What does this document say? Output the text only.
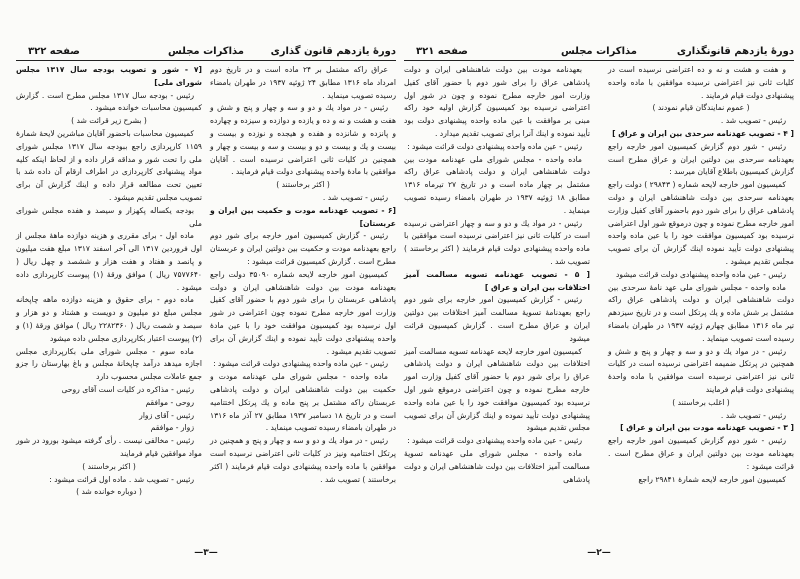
دورهٔ یازدهم قانون گذاری
مذاکرات مجلس
صفحه ۳۲۲

عراق راکه مشتمل بر ۲۴ ماده است و در تاریخ دوم امرداد ماه ۱۳۱۶ مطابق ۲۴ ژوئیه ۱۹۳۷ در طهران بامضاء رسیده تصویب مینماید .

رئیس - در مواد یك و دو و سه و چهار و پنج و شش و هفت و هشت و نه و ده و یازده و دوازده و سیزده و چهارده و پانزده و شانزده و هفده و هیجده و نوزده و بیست و بیست و یك و بیست و دو و بیست و سه و بیست و چهار و همچنین در کلیات ثانی اعتراضی نرسیده است . آقایان موافقین با مادهٔ واحده پیشنهادی دولت قیام فرمایند .

( اکثر برخاستند )

رئیس - تصویب شد .

[۶ - تصویب عهدنامه مودت و حکمیت بین ایران و عربستان]

رئیس - گزارش کمیسیون امور خارجه برای شور دوم راجع بعهدنامه مودت و حکمیت بین دولتین ایران و عربستان مطرح است . گزارش کمیسیون قرائت میشود :

کمیسیون امور خارجه لایحه شماره ۳۵۰۹۰ دولت راجع بعهدنامه مودت بین دولت شاهنشاهی ایران و دولت پادشاهی عربستان را برای شور دوم با حضور آقای کفیل وزارت امور خارجه مطرح نموده چون اعتراضی در شور اول نرسیده بود کمیسیون موافقت خود را با عین مادهٔ واحده پیشنهادی دولت تأیید نموده و اینك گزارش آن برای تصویب تقدیم میشود .

رئیس - عین ماده واحده پیشنهادی دولت قرائت میشود :

ماده واحده - مجلس شورای ملی عهدنامه مودت و حکمیت بین دولت شاهنشاهی ایران و دولت پادشاهی عربستان راکه مشتمل بر پنج ماده و یك پرتکل اختتامیه است و در تاریخ ۱۸ دسامبر ۱۹۳۷ مطابق ۲۷ آذر ماه ۱۳۱۶ در طهران بامضاء رسیده تصویب مینماید .

رئیس - در مواد یك و دو و سه و چهار و پنج و همچنین در پرتکل اختتامیه ونیز در کلیات ثانی اعتراضی نرسیده است موافقین با ماده واحده پیشنهادی دولت قیام فرمایند ( اکثر برخاستند ) تصویب شد .

[۷ - شور و تصویب بودجه سال ۱۳۱۷ مجلس شورای ملی]

رئیس - بودجه سال ۱۳۱۷ مجلس مطرح است . گزارش کمیسیون محاسبات خوانده میشود .

( بشرح زیر قرائت شد )

کمیسیون محاسبات باحضور آقایان مباشرین لایحهٔ شمارهٔ ۱۱۵۹ کارپردازی راجع ببودجه سال ۱۳۱۷ مجلس شورای ملی را تحت شور و مداقه قرار داده و از لحاظ اینکه کلیه مواد پیشنهادی کارپردازی در اطراف ارقام آن داده شد با تعیین تحت مطالعه قرار داده و اینك گزارش آن برای تصویب مجلس تقدیم میشود .

بودجه یکساله پکهزار و سیصد و هفده مجلس شورای ملی

ماده اول - برای مقرری و هزینه دوازده ماههٔ مجلس از اول فروردین ۱۳۱۷ الی آخر اسفند ۱۳۱۷ مبلغ هفت میلیون و پانصد و هفتاد و هفت هزار و ششصد و چهل ریال ( ۷۵۷۷۶۴۰ ریال ) موافق ورقهٔ (۱) پیوست کارپردازی داده میشود .

ماده دوم - برای حقوق و هزینه دوازده ماهه چاپخانه مجلس مبلغ دو میلیون و دویست و هشتاد و دو هزار و سیصد و شصت ریال ( ۲۲۸۲۳۶۰ ریال ) موافق ورقهٔ (۱) و (۲) پیوست اعتبار بکارپردازی مجلس داده میشود

ماده سوم - مجلس شورای ملی بکارپردازی مجلس اجازه میدهد درآمد چاپخانهٔ مجلس و باغ بهارستان را جزو جمع عاملات مجلس محسوب دارد

رئیس - مذاکره در کلیات است آقای روحی

روحی - موافقم

رئیس - آقای زوار

زوار - موافقم

رئیس - مخالفی نیست . رأی گرفته میشود بورود در شور مواد موافقین قیام فرمایند

( اکثر برخاستند )

رئیس - تصویب شد . ماده اول قرائت میشود :

( دوباره خوانده شد )

—۳—
دورهٔ یازدهم قانونگذاری
مذاکرات مجلس
صفحه ۳۲۱

و هفت و هشت و نه و ده اعتراضی نرسیده است در کلیات ثانی نیز اعتراضی نرسیده موافقین با ماده واحده پیشنهادی دولت قیام فرمایند .

( عموم نمایندگان قیام نمودند )

رئیس - تصویب شد .

[ ۴ - تصویب عهدنامه سرحدی بین ایران و عراق ]

رئیس - شور دوم گزارش کمیسیون امور خارجه راجع بعهدنامه سرحدی بین دولتین ایران و عراق مطرح است گزارش کمیسیون باطلاع آقایان میرسد :

کمیسیون امور خارجه لایحه شماره ( ۲۹۸۴۳ ) دولت راجع بعهدنامه سرحدی بین دولت شاهنشاهی ایران و دولت پادشاهی عراق را برای شور دوم باحضور آقای کفیل وزارت امور خارجه مطرح نموده و چون درموقع شور اول اعتراضی نرسیده بود کمیسیون موافقت خود را با عین ماده واحده پیشنهادی دولت تأیید نموده اینك گزارش آن برای تصویب مجلس تقدیم میشود .

رئیس - عین ماده واحده پیشنهادی دولت قرائت میشود

ماده واحده - مجلس شورای ملی عهد نامهٔ سرحدی بین دولت شاهنشاهی ایران و دولت پادشاهی عراق راکه مشتمل بر شش ماده و یك پرتکل است و در تاریخ سیزدهم تیر ماه ۱۳۱۶ مطابق چهارم ژوئیه ۱۹۳۷ در طهران بامضاء رسیده است تصویب مینماید .

رئیس - در مواد یك و دو و سه و چهار و پنج و شش و همچنین در پرتکل ضمیمه اعتراضی نرسیده است در کلیات ثانی نیز اعتراضی نرسیده است موافقین با ماده واحدهٔ پیشنهادی دولت قیام فرمایند

( اغلب برخاستند )

رئیس - تصویب شد .

[ ۳ - تصویب عهدنامه مودت بین ایران و عراق ]

رئیس - شور دوم گزارش کمیسیون امور خارجه راجع بعهدنامه مودت بین دولتین ایران و عراق مطرح است . قرائت میشود :

کمیسیون امور خارجه لایحه شمارهٔ ۲۹۸۴۱ راجع

بعهدنامه مودت بین دولت شاهنشاهی ایران و دولت پادشاهی عراق را برای شور دوم با حضور آقای کفیل وزارت امور خارجه مطرح نموده و چون در شور اول اعتراضی نرسیده بود کمیسیون گزارش اولیه خود راکه مبنی بر موافقت با عین ماده واحده پیشنهادی دولت بود تأیید نموده و اینك آنرا برای تصویب تقدیم میدارد .

رئیس - عین ماده واحده پیشنهادی دولت قرائت میشود :

ماده واحده - مجلس شورای ملی عهدنامه مودت بین دولت شاهنشاهی ایران و دولت پادشاهی عراق راکه مشتمل بر چهار ماده است و در تاریخ ۲۷ تیرماه ۱۳۱۶ مطابق ۱۸ ژوئیه ۱۹۳۷ در طهران بامضاء رسیده تصویب مینماید .

رئیس - در مواد یك و دو و سه و چهار اعتراضی نرسیده است در کلیات ثانی نیز اعتراضی نرسیده است موافقین با ماده واحده پیشنهادی دولت قیام فرمایند ( اکثر برخاستند ) تصویب شد .

[ ۵ - تصویب عهدنامه تسویه مسالمت آمیز اختلافات بین ایران و عراق ]

رئیس - گزارش کمیسیون امور خارجه برای شور دوم راجع بعهدنامهٔ تسویهٔ مسالمت آمیز اختلافات بین دولتین ایران و عراق مطرح است . گزارش کمیسیون قرائت میشود

کمیسیون امور خارجه لایحه عهدنامه تسویه مسالمت آمیز اختلافات بین دولت شاهنشاهی ایران و دولت پادشاهی عراق را برای شور دوم با حضور آقای کفیل وزارت امور خارجه مطرح نموده و چون اعتراضی درموقع شور اول نرسیده بود کمیسیون موافقت خود را با عین ماده واحده پیشنهادی دولت تأیید نموده و اینك گزارش آن برای تصویب مجلس تقدیم میشود

رئیس - عین ماده واحده پیشنهادی دولت قرائت میشود :

ماده واحده - مجلس شورای ملی عهدنامه تسویهٔ مسالمت آمیز اختلافات بین دولت شاهنشاهی ایران و دولت پادشاهی

—۲—
